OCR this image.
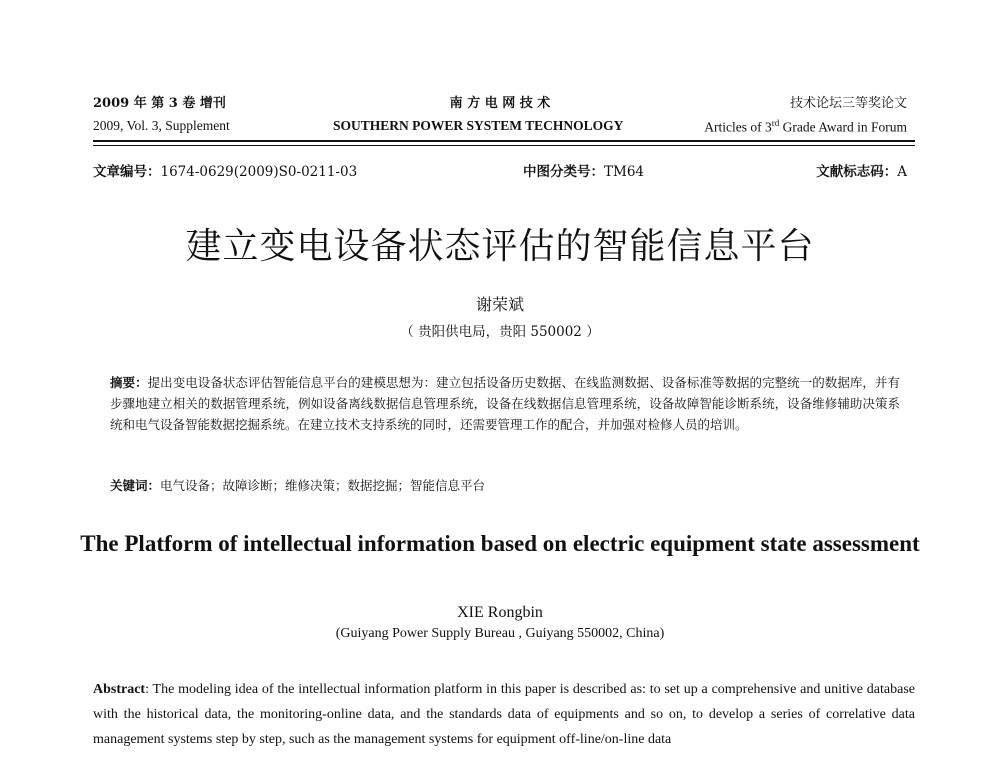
2009 年 第 3 卷 增刊	南 方 电 网 技 术	技术论坛三等奖论文
2009, Vol. 3, Supplement	SOUTHERN POWER SYSTEM TECHNOLOGY	Articles of 3rd Grade Award in Forum
文章编号：1674-0629(2009)S0-0211-03	中图分类号：TM64	文献标志码：A
建立变电设备状态评估的智能信息平台
谢荣斌
（ 贵阳供电局，贵阳 550002 ）
摘要：提出变电设备状态评估智能信息平台的建模思想为：建立包括设备历史数据、在线监测数据、设备标准等数据的完整统一的数据库，并有步骤地建立相关的数据管理系统，例如设备离线数据信息管理系统，设备在线数据信息管理系统，设备故障智能诊断系统，设备维修辅助决策系统和电气设备智能数据挖掘系统。在建立技术支持系统的同时，还需要管理工作的配合，并加强对检修人员的培训。
关键词：电气设备；故障诊断；维修决策；数据挖掘；智能信息平台
The Platform of intellectual information based on electric equipment state assessment
XIE Rongbin
(Guiyang Power Supply Bureau , Guiyang 550002, China)
Abstract: The modeling idea of the intellectual information platform in this paper is described as: to set up a comprehensive and unitive database with the historical data, the monitoring-online data, and the standards data of equipments and so on, to develop a series of correlative data management systems step by step, such as the management systems for equipment off-line/on-line data
